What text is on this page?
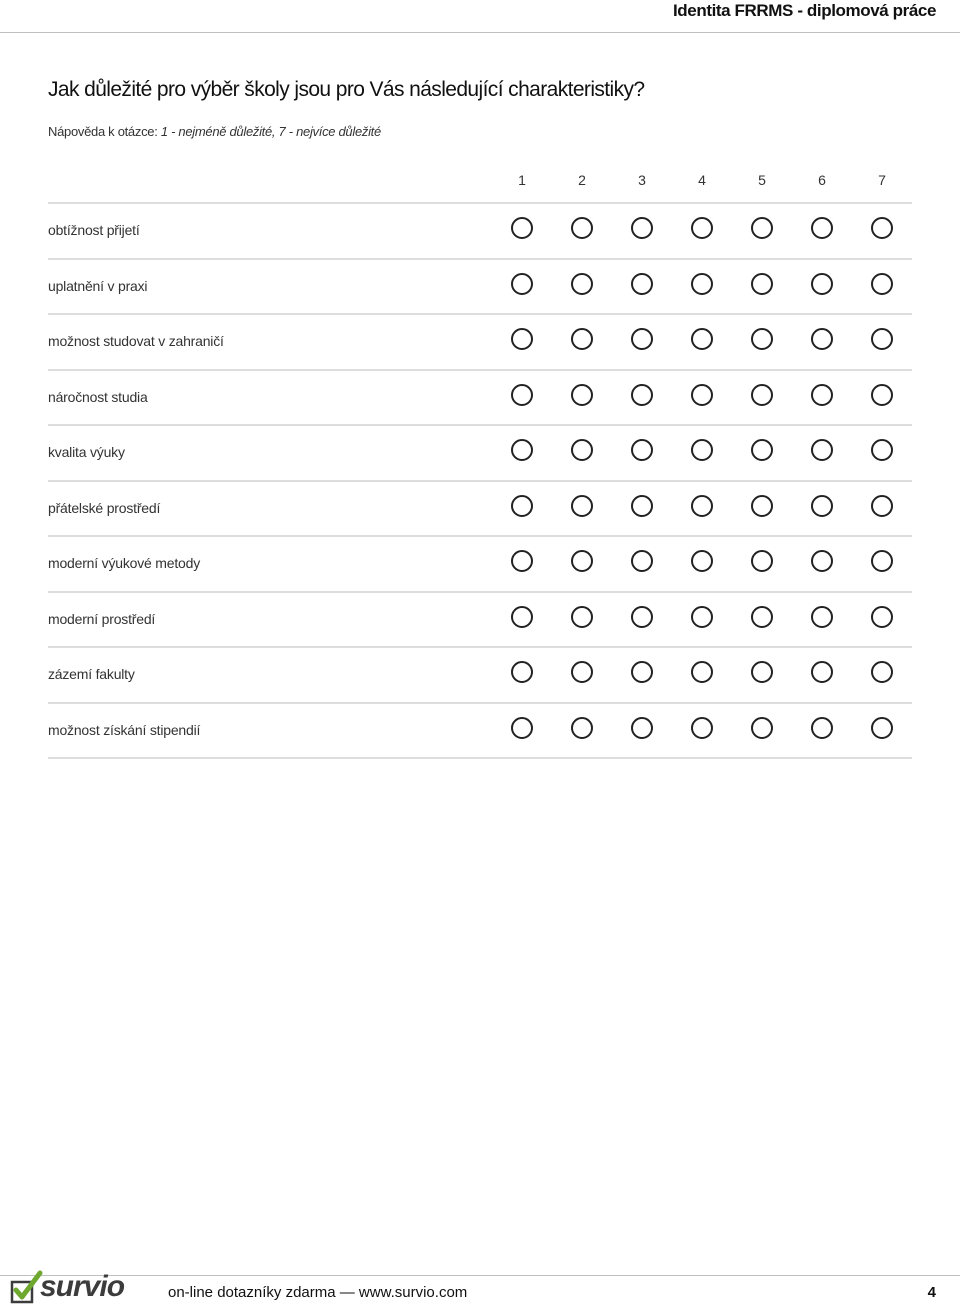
Identita FRRMS - diplomová práce
Jak důležité pro výběr školy jsou pro Vás následující charakteristiky?
Nápověda k otázce: 1 - nejméně důležité, 7 - nejvíce důležité
1	2	3	4	5	6	7
obtížnost přijetí
uplatnění v praxi
možnost studovat v zahraničí
náročnost studia
kvalita výuky
přátelské prostředí
moderní výukové metody
moderní prostředí
zázemí fakulty
možnost získání stipendií
survio	on-line dotazníky zdarma — www.survio.com	4
